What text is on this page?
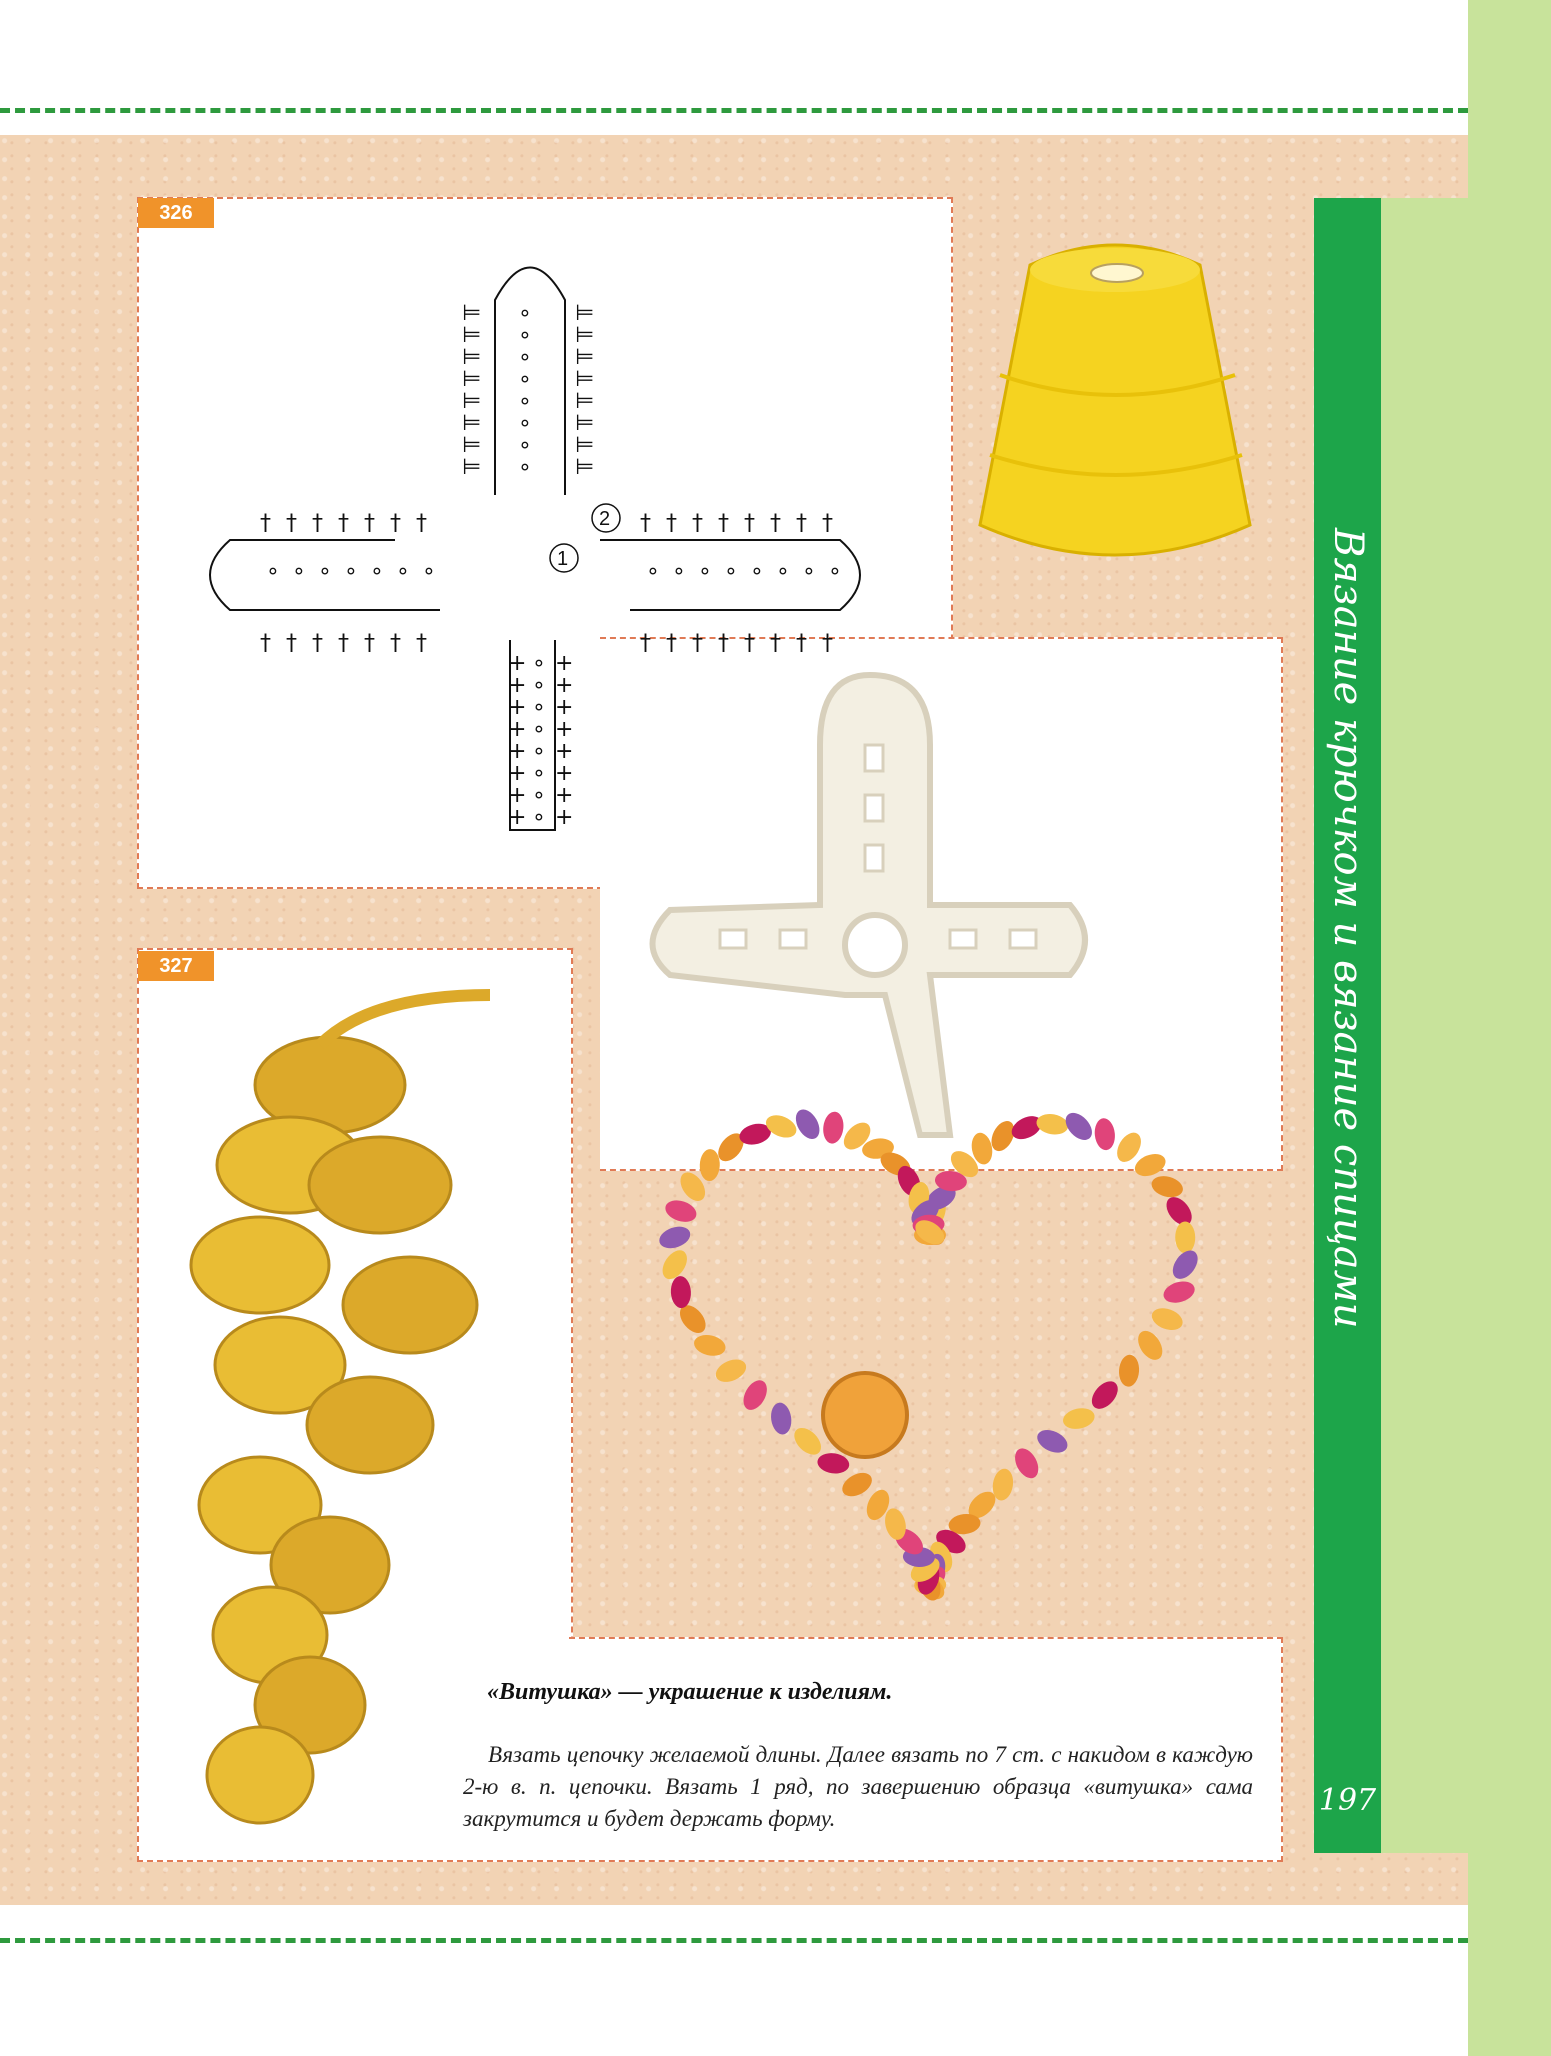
326
327
⊨	⊨
∘
⊨	⊨
∘
⊨	⊨
∘
⊨	⊨
∘
⊨	⊨
∘
⊨	⊨
∘
⊨	⊨
∘
⊨	⊨
∘
†
†
∘
†
†
∘
†
†
∘
†
†
∘
†
†
∘
†
†
∘
†
†
∘
†
†
∘
†
†
∘
†
†
∘
†
†
∘
†
†
∘
†
†
∘
†
†
∘
†
†
∘
+ +
∘
+ +
∘
+ +
∘
+ +
∘
+ +
∘
+ +
∘
+ +
∘
+ +
∘
1
2
«Витушка» — украшение к изделиям.
Вязать цепочку желаемой длины. Далее вязать по 7 ст. с накидом в каждую 2-ю в. п. цепочки. Вязать 1 ряд, по завершению образца «витушка» сама закрутится и будет держать форму.
Вязание крючком и вязание спицами
197
